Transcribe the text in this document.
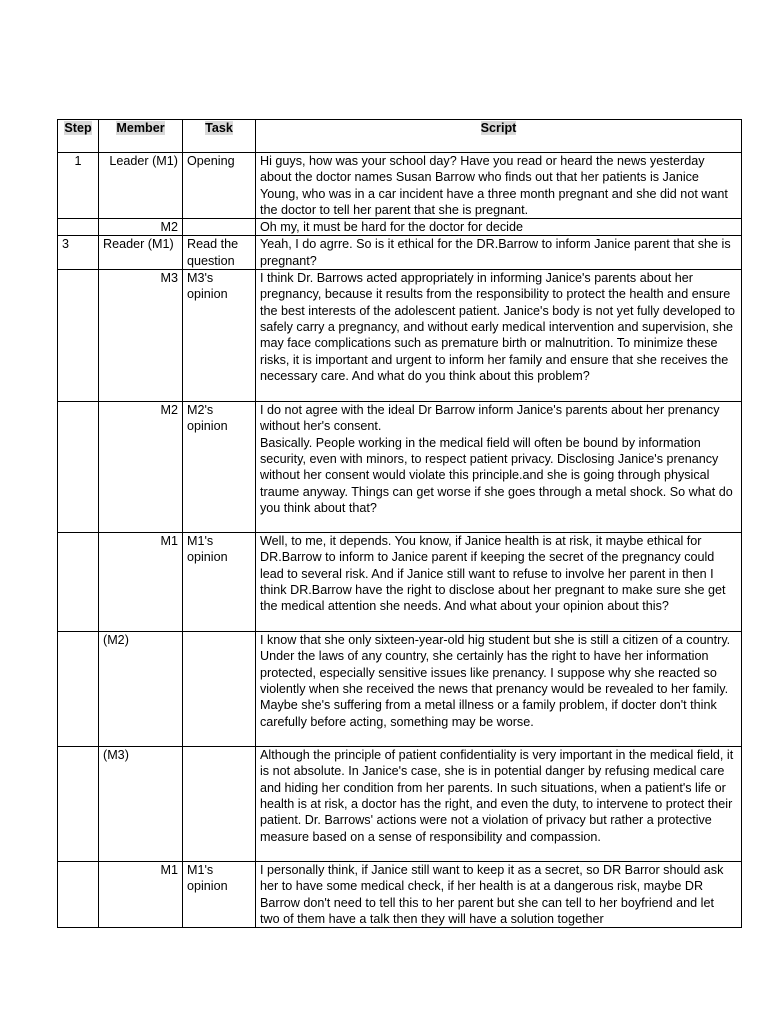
Step	Member	Task	Script
1	Leader (M1)	Opening	Hi guys, how was your school day? Have you read or heard the news yesterday about the doctor names Susan Barrow who finds out that her patients is Janice Young, who was in a car incident have a three month pregnant and she did not want the doctor to tell her parent that she is pregnant.

	M2		Oh my, it must be hard for the doctor for decide

3	Reader (M1)	Read the question	Yeah, I do agrre. So is it ethical for the DR.Barrow to inform Janice parent that she is pregnant?

	M3	M3's opinion	I think Dr. Barrows acted appropriately in informing Janice's parents about her pregnancy, because it results from the responsibility to protect the health and ensure the best interests of the adolescent patient. Janice's body is not yet fully developed to safely carry a pregnancy, and without early medical intervention and supervision, she may face complications such as premature birth or malnutrition. To minimize these risks, it is important and urgent to inform her family and ensure that she receives the necessary care. And what do you think about this problem?

	M2	M2's opinion	I do not agree with the ideal Dr Barrow inform Janice's parents about her prenancy without her's consent.
Basically. People working in the medical field will often be bound by information security, even with minors, to respect patient privacy. Disclosing Janice's prenancy without her consent would violate this principle.and she is going through physical traume anyway. Things can get worse if she goes through a metal shock. So what do you think about that?

	M1	M1's opinion	Well, to me, it depends. You know, if Janice health is at risk, it maybe ethical for DR.Barrow to inform to Janice parent if keeping the secret of the pregnancy could lead to several risk. And if Janice still want to refuse to involve her parent in then I think DR.Barrow have the right to disclose about her pregnant to make sure she get the medical attention she needs. And what about your opinion about this?

	(M2)		I know that she only sixteen-year-old hig student but she is still a citizen of a country. Under the laws of any country, she certainly has the right to have her information protected, especially sensitive issues like prenancy. I suppose why she reacted so violently when she received the news that prenancy would be revealed to her family. Maybe she's suffering from a metal illness or a family problem, if docter don't think carefully before acting, something may be worse.

	(M3)		Although the principle of patient confidentiality is very important in the medical field, it is not absolute. In Janice's case, she is in potential danger by refusing medical care and hiding her condition from her parents. In such situations, when a patient's life or health is at risk, a doctor has the right, and even the duty, to intervene to protect their patient. Dr. Barrows' actions were not a violation of privacy but rather a protective measure based on a sense of responsibility and compassion.

	M1	M1's opinion	I personally think, if Janice still want to keep it as a secret, so DR Barror should ask her to have some medical check, if her health is at a dangerous risk, maybe DR Barrow don't need to tell this to her parent but she can tell to her boyfriend and let two of them have a talk then they will have a solution together
